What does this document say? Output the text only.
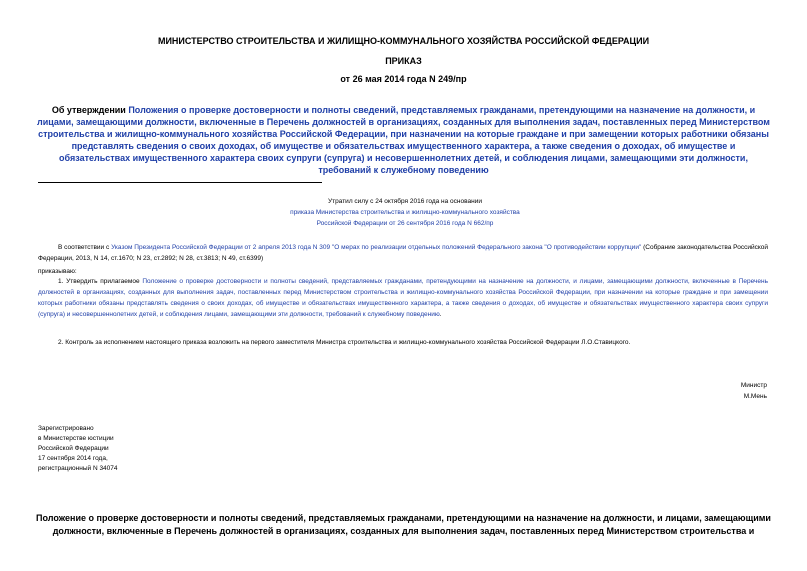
МИНИСТЕРСТВО СТРОИТЕЛЬСТВА И ЖИЛИЩНО-КОММУНАЛЬНОГО ХОЗЯЙСТВА РОССИЙСКОЙ ФЕДЕРАЦИИ
ПРИКАЗ
от 26 мая 2014 года N 249/пр
Об утверждении Положения о проверке достоверности и полноты сведений, представляемых гражданами, претендующими на назначение на должности, и лицами, замещающими должности, включенные в Перечень должностей в организациях, созданных для выполнения задач, поставленных перед Министерством строительства и жилищно-коммунального хозяйства Российской Федерации, при назначении на которые граждане и при замещении которых работники обязаны представлять сведения о своих доходах, об имуществе и обязательствах имущественного характера, а также сведения о доходах, об имуществе и обязательствах имущественного характера своих супруги (супруга) и несовершеннолетних детей, и соблюдения лицами, замещающими эти должности, требований к служебному поведению
Утратил силу с 24 октября 2016 года на основании
приказа Министерства строительства и жилищно-коммунального хозяйства
Российской Федерации от 26 сентября 2016 года N 662/пр
В соответствии с Указом Президента Российской Федерации от 2 апреля 2013 года N 309 "О мерах по реализации отдельных положений Федерального закона "О противодействии коррупции" (Собрание законодательства Российской Федерации, 2013, N 14, ст.1670; N 23, ст.2892; N 28, ст.3813; N 49, ст.6399)
приказываю:
1. Утвердить прилагаемое Положение о проверке достоверности и полноты сведений, представляемых гражданами, претендующими на назначение на должности, и лицами, замещающими должности, включенные в Перечень должностей в организациях, созданных для выполнения задач, поставленных перед Министерством строительства и жилищно-коммунального хозяйства Российской Федерации, при назначении на которые граждане и при замещении которых работники обязаны представлять сведения о своих доходах, об имуществе и обязательствах имущественного характера, а также сведения о доходах, об имуществе и обязательствах имущественного характера своих супруги (супруга) и несовершеннолетних детей, и соблюдения лицами, замещающими эти должности, требований к служебному поведению.
2. Контроль за исполнением настоящего приказа возложить на первого заместителя Министра строительства и жилищно-коммунального хозяйства Российской Федерации Л.О.Ставицкого.
Министр
М.Мень
Зарегистрировано
в Министерстве юстиции
Российской Федерации
17 сентября 2014 года,
регистрационный N 34074
Положение о проверке достоверности и полноты сведений, представляемых гражданами, претендующими на назначение на должности, и лицами, замещающими должности, включенные в Перечень должностей в организациях, созданных для выполнения задач, поставленных перед Министерством строительства и
